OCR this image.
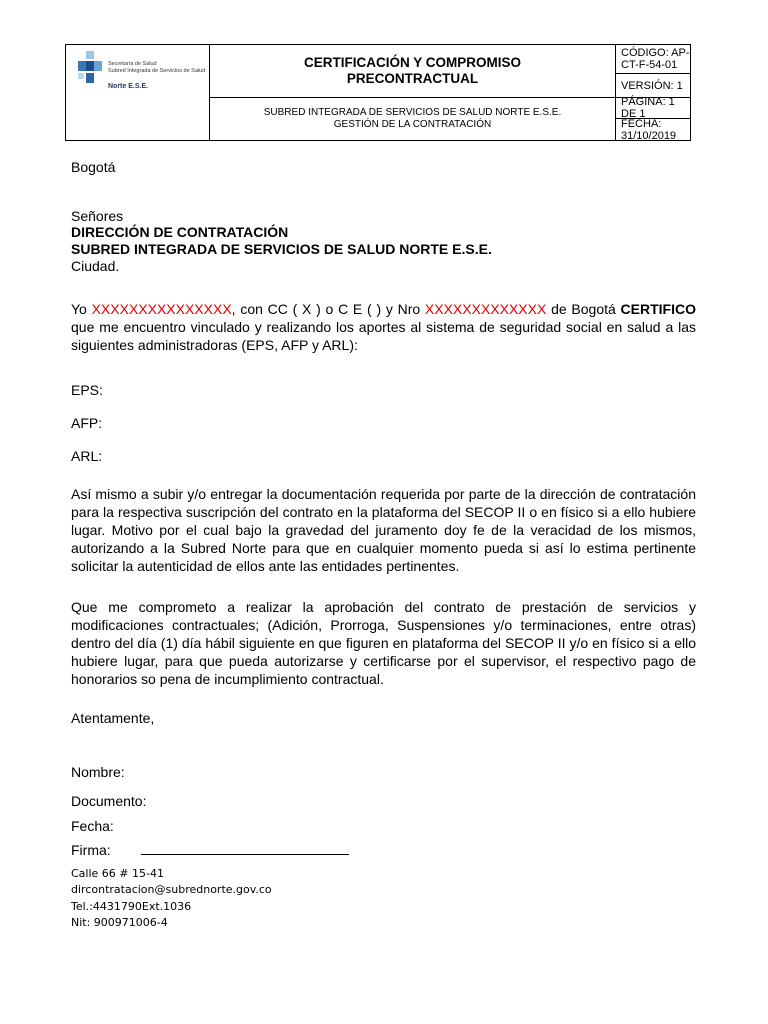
Secretaría de Salud
Subred Integrada de Servicios de Salud
Norte E.S.E.
CERTIFICACIÓN Y COMPROMISO
PRECONTRACTUAL
SUBRED INTEGRADA DE SERVICIOS DE SALUD NORTE E.S.E.
GESTIÓN DE LA CONTRATACIÓN
CÓDIGO: AP-CT-F-54-01
VERSIÓN: 1
PÁGINA: 1 DE 1
FECHA: 31/10/2019
Bogotá
Señores
DIRECCIÓN DE CONTRATACIÓN
SUBRED INTEGRADA DE SERVICIOS DE SALUD NORTE E.S.E.
Ciudad.

Yo XXXXXXXXXXXXXXX, con CC ( X ) o C E ( ) y Nro XXXXXXXXXXXXX de Bogotá CERTIFICO que me encuentro vinculado y realizando los aportes al sistema de seguridad social en salud a las siguientes administradoras (EPS, AFP y ARL):

EPS:
AFP:
ARL:

Así mismo a subir y/o entregar la documentación requerida por parte de la dirección de contratación para la respectiva suscripción del contrato en la plataforma del SECOP II o en físico si a ello hubiere lugar. Motivo por el cual bajo la gravedad del juramento doy fe de la veracidad de los mismos, autorizando a la Subred Norte para que en cualquier momento pueda si así lo estima pertinente solicitar la autenticidad de ellos ante las entidades pertinentes.

Que me comprometo a realizar la aprobación del contrato de prestación de servicios y modificaciones contractuales; (Adición, Prorroga, Suspensiones y/o terminaciones, entre otras) dentro del día (1) día hábil siguiente en que figuren en plataforma del SECOP II y/o en físico si a ello hubiere lugar, para que pueda autorizarse y certificarse por el supervisor, el respectivo pago de honorarios so pena de incumplimiento contractual.

Atentamente,
Nombre:
Documento:
Fecha:
Firma:
Calle 66 # 15-41
dircontratacion@subrednorte.gov.co
Tel.:4431790Ext.1036
Nit: 900971006-4
